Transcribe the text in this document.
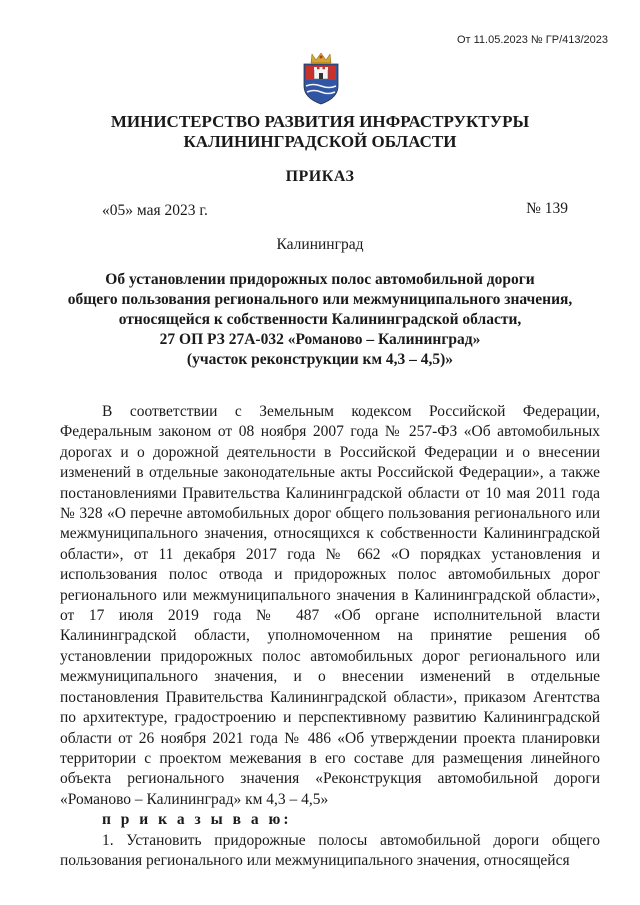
От 11.05.2023 № ГР/413/2023
МИНИСТЕРСТВО РАЗВИТИЯ ИНФРАСТРУКТУРЫ
КАЛИНИНГРАДСКОЙ ОБЛАСТИ
ПРИКАЗ
«05» мая 2023 г.	№ 139
Калининград
Об установлении придорожных полос автомобильной дороги
общего пользования регионального или межмуниципального значения,
относящейся к собственности Калининградской области,
27 ОП РЗ 27А-032 «Романово – Калининград»
(участок реконструкции км 4,3 – 4,5)»

В соответствии с Земельным кодексом Российской Федерации, Федеральным законом от 08 ноября 2007 года № 257-ФЗ «Об автомобильных дорогах и о дорожной деятельности в Российской Федерации и о внесении изменений в отдельные законодательные акты Российской Федерации», а также постановлениями Правительства Калининградской области от 10 мая 2011 года № 328 «О перечне автомобильных дорог общего пользования регионального или межмуниципального значения, относящихся к собственности Калининградской области», от 11 декабря 2017 года № 662 «О порядках установления и использования полос отвода и придорожных полос автомобильных дорог регионального или межмуниципального значения в Калининградской области», от 17 июля 2019 года № 487 «Об органе исполнительной власти Калининградской области, уполномоченном на принятие решения об установлении придорожных полос автомобильных дорог регионального или межмуниципального значения, и о внесении изменений в отдельные постановления Правительства Калининградской области», приказом Агентства по архитектуре, градостроению и перспективному развитию Калининградской области от 26 ноября 2021 года № 486 «Об утверждении проекта планировки территории с проектом межевания в его составе для размещения линейного объекта регионального значения «Реконструкция автомобильной дороги «Романово – Калининград» км 4,3 – 4,5»

п р и к а з ы в а ю:

1. Установить придорожные полосы автомобильной дороги общего пользования регионального или межмуниципального значения, относящейся
